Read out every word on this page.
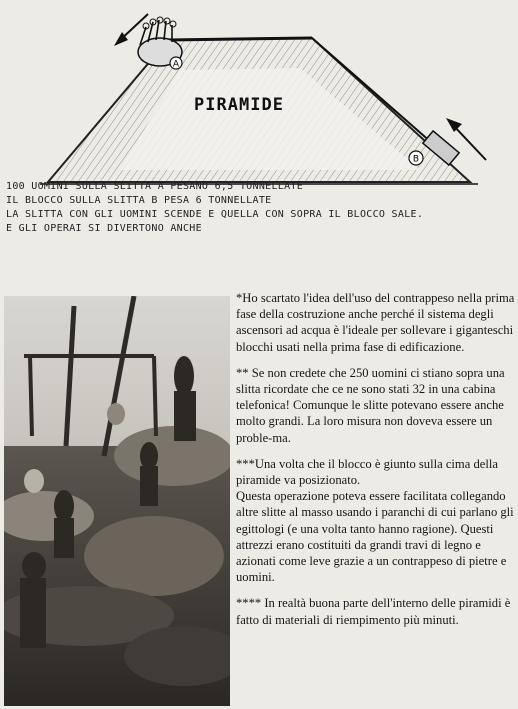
A
B
PIRAMIDE
100 UOMINI SULLA SLITTA A PESANO 6,5 TONNELLATE
IL BLOCCO SULLA SLITTA B PESA 6 TONNELLATE
LA SLITTA CON GLI UOMINI SCENDE E QUELLA CON SOPRA IL BLOCCO SALE.
E GLI OPERAI SI DIVERTONO ANCHE

*Ho scartato l'idea dell'uso del contrappeso nella prima fase della costruzione anche perché il sistema degli ascensori ad acqua è l'ideale per sollevare i giganteschi blocchi usati nella prima fase di edificazione.

** Se non credete che 250 uomini ci stiano sopra una slitta ricordate che ce ne sono stati 32 in una cabina telefonica! Comunque le slitte potevano essere anche molto grandi. La loro misura non doveva essere un proble-ma.

***Una volta che il blocco è giunto sulla cima della piramide va posizionato.

Questa operazione poteva essere facilitata collegando altre slitte al masso usando i paranchi di cui parlano gli egittologi (e una volta tanto hanno ragione). Questi attrezzi erano costituiti da grandi travi di legno e azionati come leve grazie a un contrappeso di pietre e uomini.

**** In realtà buona parte dell'interno delle piramidi è fatto di materiali di riempimento più minuti.
